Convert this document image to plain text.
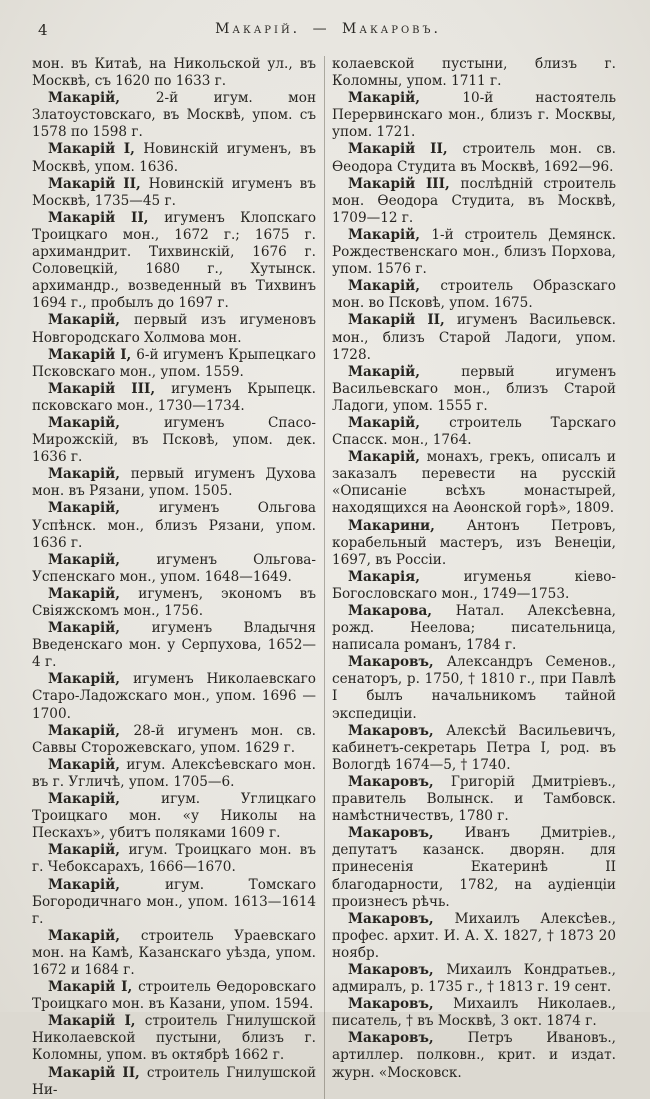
4	Макарій. — Макаровъ.

мон. въ Китаѣ, на Никольской ул., въ Москвѣ, съ 1620 по 1633 г.

Макарій, 2-й игум. мон Златоустовскаго, въ Москвѣ, упом. съ 1578 по 1598 г.

Макарій I, Новинскій игуменъ, въ Москвѣ, упом. 1636.

Макарій II, Новинскій игуменъ въ Москвѣ, 1735—45 г.

Макарій II, игуменъ Клопскаго Троицкаго мон., 1672 г.; 1675 г. архимандрит. Тихвинскій, 1676 г. Соловецкій, 1680 г., Хутынск. архимандр., возведенный въ Тихвинъ 1694 г., пробылъ до 1697 г.

Макарій, первый изъ игуменовъ Новгородскаго Холмова мон.

Макарій I, 6-й игуменъ Крыпецкаго Псковскаго мон., упом. 1559.

Макарій III, игуменъ Крыпецк. псковскаго мон., 1730—1734.

Макарій, игуменъ Спасо-Мирожскій, въ Псковѣ, упом. дек. 1636 г.

Макарій, первый игуменъ Духова мон. въ Рязани, упом. 1505.

Макарій, игуменъ Ольгова Успѣнск. мон., близъ Рязани, упом. 1636 г.

Макарій, игуменъ Ольгова-Успенскаго мон., упом. 1648—1649.

Макарій, игуменъ, экономъ въ Свіяжскомъ мон., 1756.

Макарій, игуменъ Владычня Введенскаго мон. у Серпухова, 1652—4 г.

Макарій, игуменъ Николаевскаго Старо-Ладожскаго мон., упом. 1696 — 1700.

Макарій, 28-й игуменъ мон. св. Саввы Сторожевскаго, упом. 1629 г.

Макарій, игум. Алексѣевскаго мон. въ г. Угличѣ, упом. 1705—6.

Макарій, игум. Углицкаго Троицкаго мон. «у Николы на Пескахъ», убитъ поляками 1609 г.

Макарій, игум. Троицкаго мон. въ г. Чебоксарахъ, 1666—1670.

Макарій, игум. Томскаго Богородичнаго мон., упом. 1613—1614 г.

Макарій, строитель Ураевскаго мон. на Камѣ, Казанскаго уѣзда, упом. 1672 и 1684 г.

Макарій I, строитель Ѳедоровскаго Троицкаго мон. въ Казани, упом. 1594.

Макарій I, строитель Гнилушской Николаевской пустыни, близъ г. Коломны, упом. въ октябрѣ 1662 г.

Макарій II, строитель Гнилушской Ни-

колаевской пустыни, близъ г. Коломны, упом. 1711 г.

Макарій, 10-й настоятель Перервинскаго мон., близъ г. Москвы, упом. 1721.

Макарій II, строитель мон. св. Ѳеодора Студита въ Москвѣ, 1692—96.

Макарій III, послѣдній строитель мон. Ѳеодора Студита, въ Москвѣ, 1709—12 г.

Макарій, 1-й строитель Демянск. Рождественскаго мон., близъ Порхова, упом. 1576 г.

Макарій, строитель Образскаго мон. во Псковѣ, упом. 1675.

Макарій II, игуменъ Васильевск. мон., близъ Старой Ладоги, упом. 1728.

Макарій, первый игуменъ Васильевскаго мон., близъ Старой Ладоги, упом. 1555 г.

Макарій, строитель Тарскаго Спасск. мон., 1764.

Макарій, монахъ, грекъ, описалъ и заказалъ перевести на русскій «Описаніе всѣхъ монастырей, находящихся на Аѳонской горѣ», 1809.

Макарини, Антонъ Петровъ, корабельный мастеръ, изъ Венеціи, 1697, въ Россіи.

Макарія, игуменья кіево-Богословскаго мон., 1749—1753.

Макарова, Натал. Алексѣевна, рожд. Неелова; писательница, написала романъ, 1784 г.

Макаровъ, Александръ Семенов., сенаторъ, р. 1750, † 1810 г., при Павлѣ I былъ начальникомъ тайной экспедиціи.

Макаровъ, Алексѣй Васильевичъ, кабинетъ-секретарь Петра I, род. въ Вологдѣ 1674—5, † 1740.

Макаровъ, Григорій Дмитріевъ., правитель Волынск. и Тамбовск. намѣстничествъ, 1780 г.

Макаровъ, Иванъ Дмитріев., депутатъ казанск. дворян. для принесенія Екатеринѣ II благодарности, 1782, на аудіенціи произнесъ рѣчь.

Макаровъ, Михаилъ Алексѣев., профес. архит. И. А. Х. 1827, † 1873 20 ноябр.

Макаровъ, Михаилъ Кондратьев., адмиралъ, р. 1735 г., † 1813 г. 19 сент.

Макаровъ, Михаилъ Николаев., писатель, † въ Москвѣ, 3 окт. 1874 г.

Макаровъ, Петръ Ивановъ., артиллер. полковн., крит. и издат. журн. «Московск.
